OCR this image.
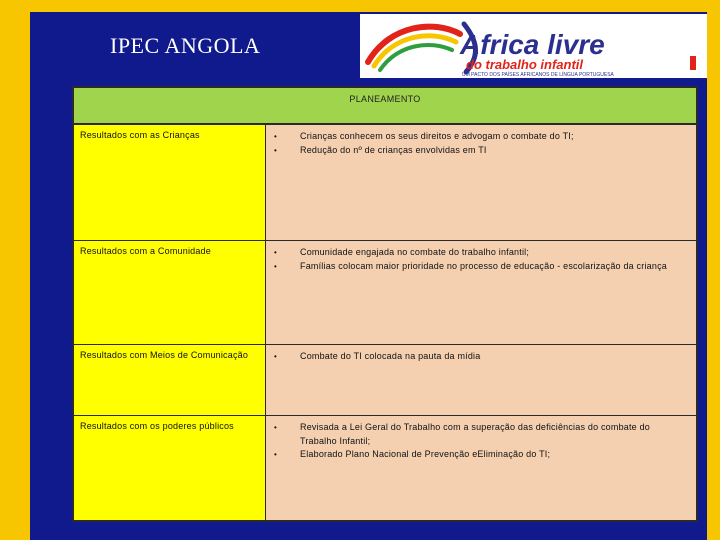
IPEC ANGOLA	Africa livre
do trabalho infantil
UM PACTO DOS PAÍSES AFRICANOS DE LÍNGUA PORTUGUESA
PLANEAMENTO
Resultados com as Crianças	•	Crianças conhecem os seus direitos e advogam o combate do TI;
•	Redução do nº de crianças envolvidas em TI
Resultados com a Comunidade	•	Comunidade engajada no combate do trabalho infantil;
•	Famílias colocam maior prioridade no processo de educação - escolarização da criança
Resultados com Meios de Comunicação	•	Combate do TI colocada na pauta da mídia
Resultados com os poderes públicos	•	Revisada a Lei Geral do Trabalho com a superação das deficiências do combate do Trabalho Infantil;
•	Elaborado Plano Nacional de Prevenção eEliminação do TI;
